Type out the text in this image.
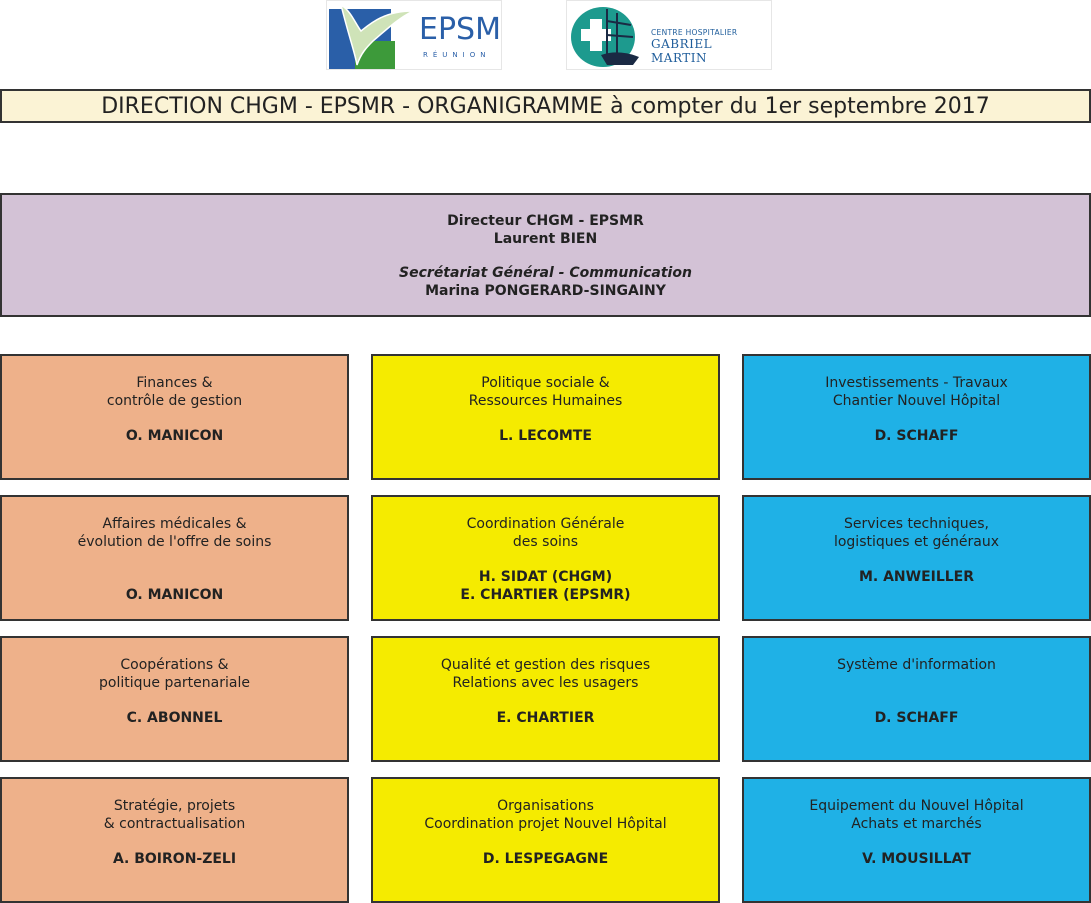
EPSM
RÉUNION
CENTRE HOSPITALIER
GABRIEL MARTIN
DIRECTION CHGM - EPSMR - ORGANIGRAMME à compter du 1er septembre 2017
Directeur CHGM - EPSMR
Laurent BIEN
Secrétariat Général - Communication
Marina PONGERARD-SINGAINY
Finances &
contrôle de gestion
O. MANICON
Affaires médicales &
évolution de l'offre de soins
O. MANICON
Coopérations &
politique partenariale
C. ABONNEL
Stratégie, projets
& contractualisation
A. BOIRON-ZELI
Politique sociale &
Ressources Humaines
L. LECOMTE
Coordination Générale
des soins
H. SIDAT (CHGM)
E. CHARTIER (EPSMR)
Qualité et gestion des risques
Relations avec les usagers
E. CHARTIER
Organisations
Coordination projet Nouvel Hôpital
D. LESPEGAGNE
Investissements - Travaux
Chantier Nouvel Hôpital
D. SCHAFF
Services techniques,
logistiques et généraux
M. ANWEILLER
Système d'information

D. SCHAFF
Equipement du Nouvel Hôpital
Achats et marchés
V. MOUSILLAT
